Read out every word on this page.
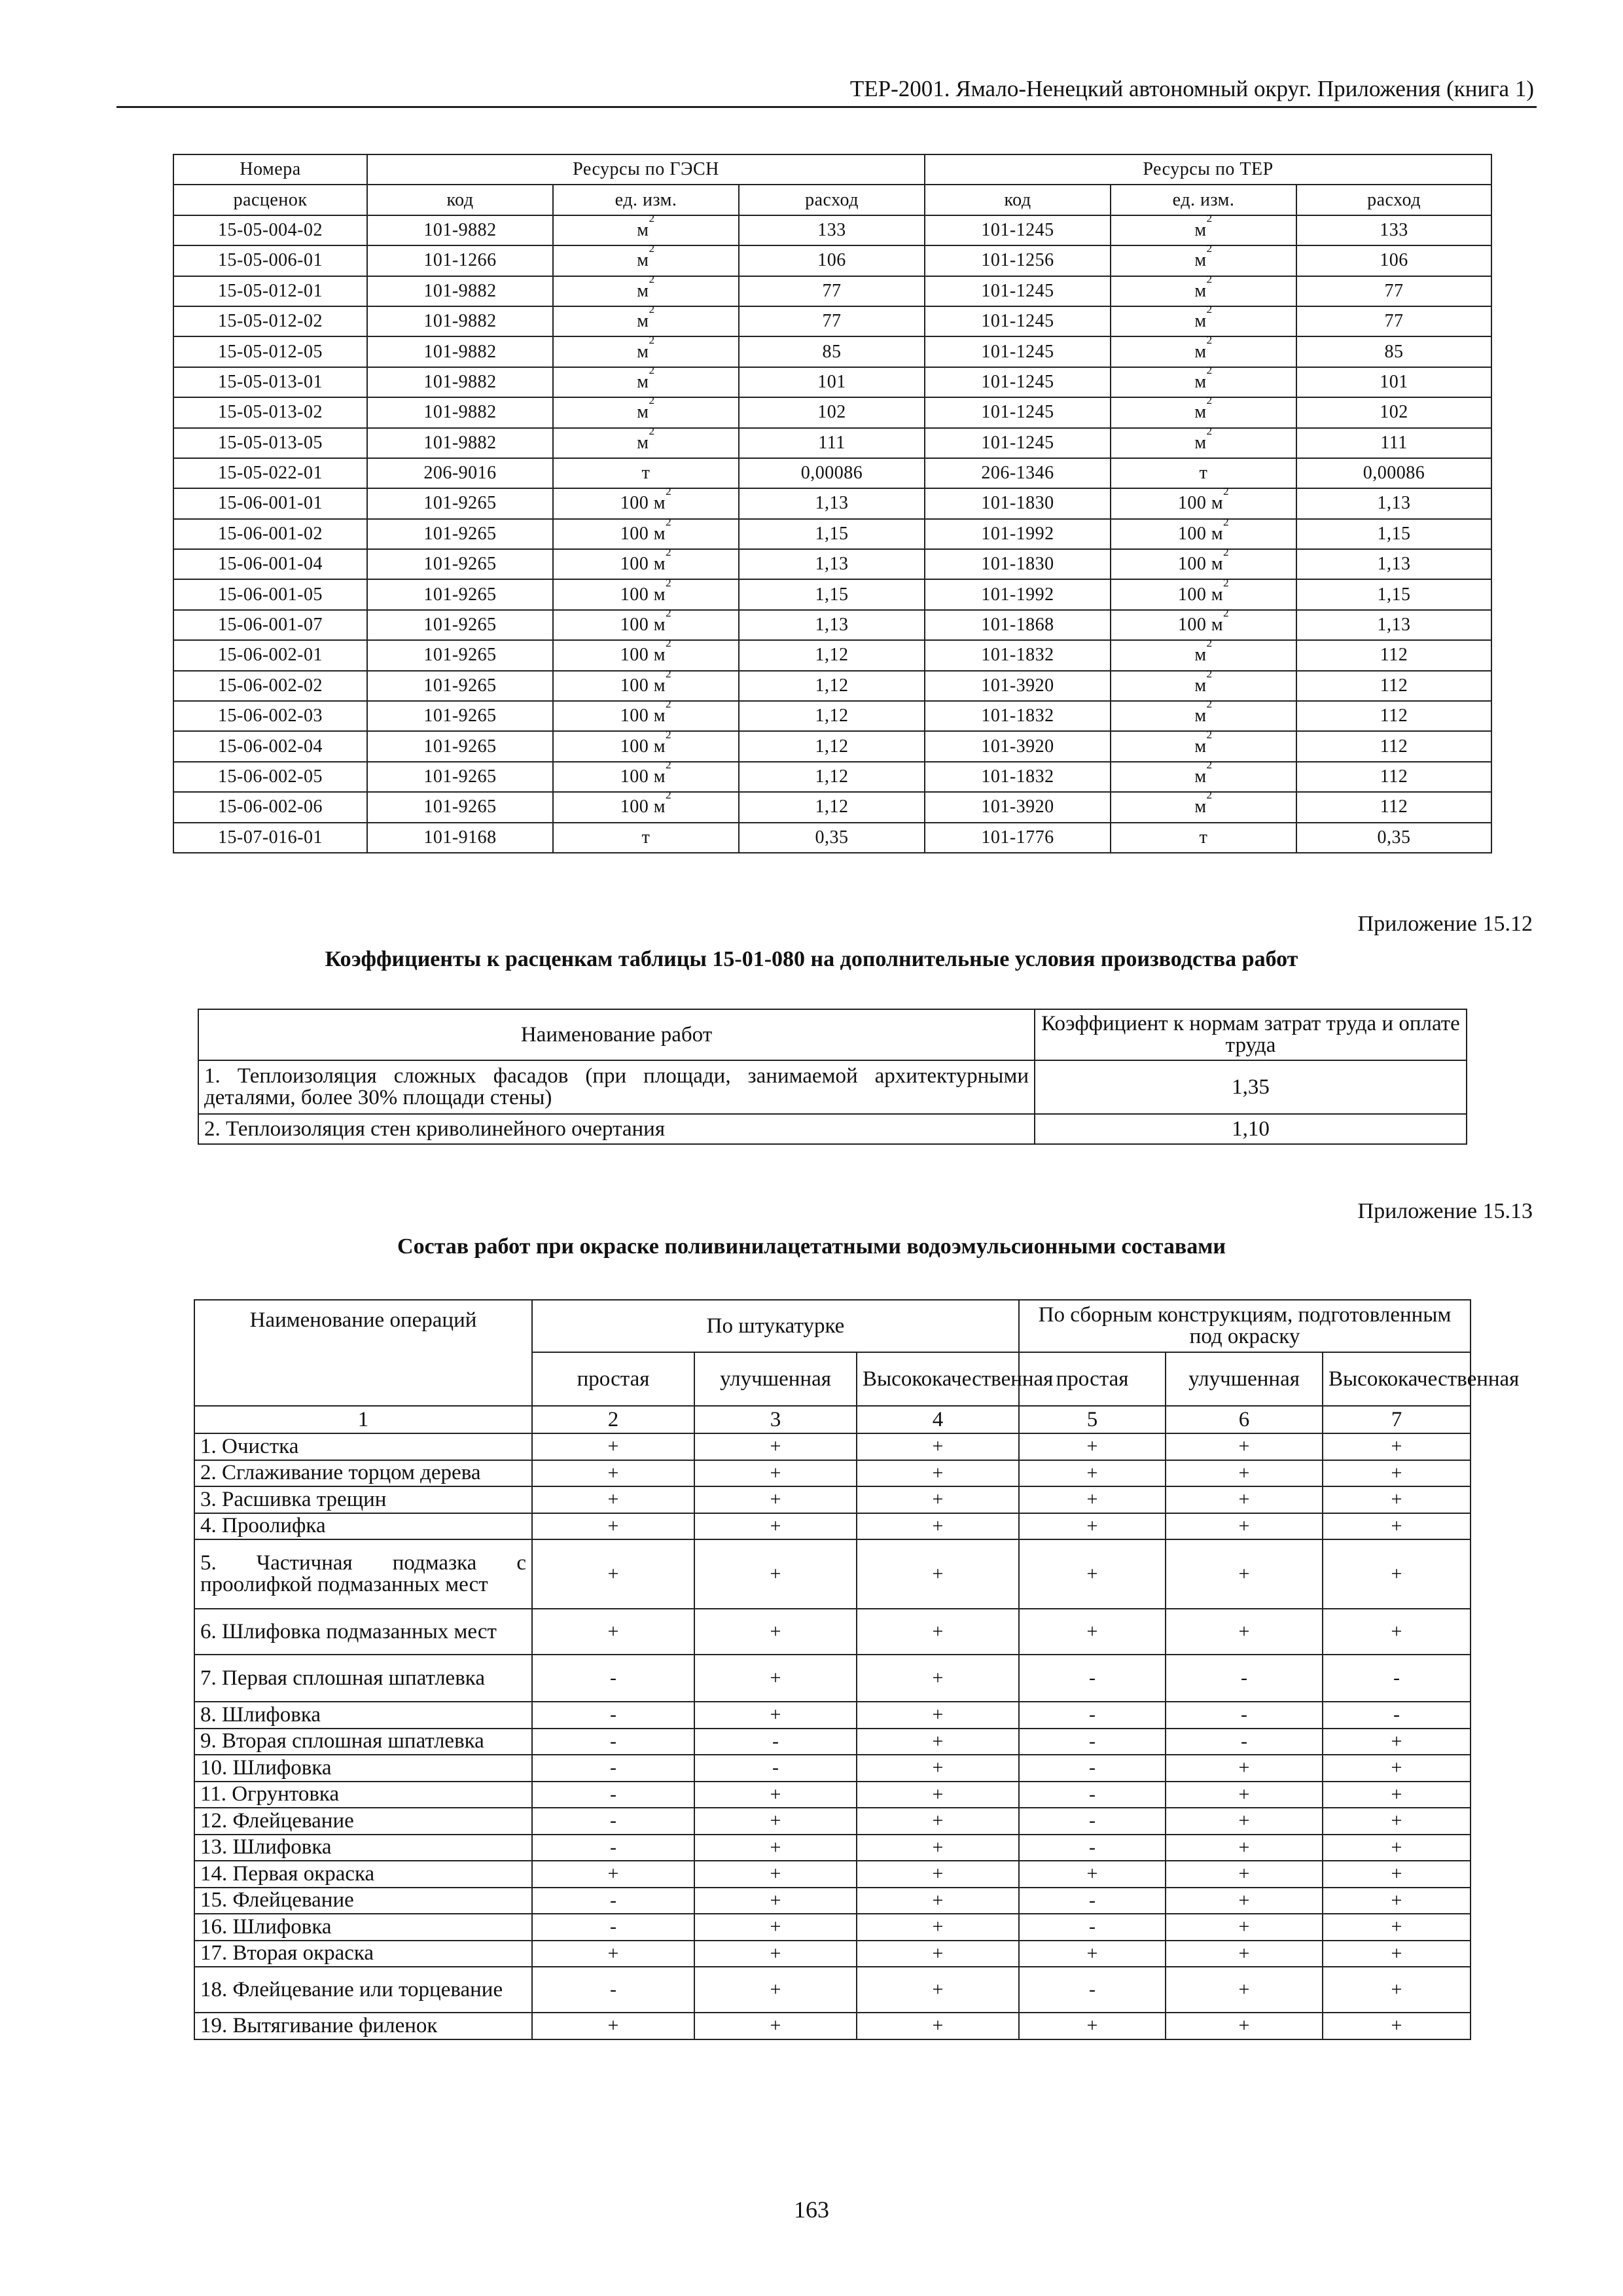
ТЕР-2001. Ямало-Ненецкий автономный округ. Приложения (книга 1)
Номера	Ресурсы по ГЭСН			Ресурсы по ТЕР		
расценок	код	ед. изм.	расход	код	ед. изм.	расход
15-05-004-02	101-9882	$м^2$	133	101-1245	$м^2$	133
15-05-006-01	101-1266	$м^2$	106	101-1256	$м^2$	106
15-05-012-01	101-9882	$м^2$	77	101-1245	$м^2$	77
15-05-012-02	101-9882	$м^2$	77	101-1245	$м^2$	77
15-05-012-05	101-9882	$м^2$	85	101-1245	$м^2$	85
15-05-013-01	101-9882	$м^2$	101	101-1245	$м^2$	101
15-05-013-02	101-9882	$м^2$	102	101-1245	$м^2$	102
15-05-013-05	101-9882	$м^2$	111	101-1245	$м^2$	111
15-05-022-01	206-9016	т	0,00086	206-1346	т	0,00086
15-06-001-01	101-9265	100 $м^2$	1,13	101-1830	100 $м^2$	1,13
15-06-001-02	101-9265	100 $м^2$	1,15	101-1992	100 $м^2$	1,15
15-06-001-04	101-9265	100 $м^2$	1,13	101-1830	100 $м^2$	1,13
15-06-001-05	101-9265	100 $м^2$	1,15	101-1992	100 $м^2$	1,15
15-06-001-07	101-9265	100 $м^2$	1,13	101-1868	100 $м^2$	1,13
15-06-002-01	101-9265	100 $м^2$	1,12	101-1832	$м^2$	112
15-06-002-02	101-9265	100 $м^2$	1,12	101-3920	$м^2$	112
15-06-002-03	101-9265	100 $м^2$	1,12	101-1832	$м^2$	112
15-06-002-04	101-9265	100 $м^2$	1,12	101-3920	$м^2$	112
15-06-002-05	101-9265	100 $м^2$	1,12	101-1832	$м^2$	112
15-06-002-06	101-9265	100 $м^2$	1,12	101-3920	$м^2$	112
15-07-016-01	101-9168	т	0,35	101-1776	т	0,35
Приложение 15.12
Коэффициенты к расценкам таблицы 15-01-080 на дополнительные условия производства работ
Наименование работ	Коэффициент к нормам затрат труда и оплате труда
1. Теплоизоляция сложных фасадов (при площади, занимаемой архитектурными деталями, более 30% площади стены)	1,35
2. Теплоизоляция стен криволинейного очертания	1,10
Приложение 15.13
Состав работ при окраске поливинилацетатными водоэмульсионными составами
Наименование операций	По штукатурке			По сборным конструкциям, подготовленным под окраску		
	простая	улучшенная	Высококачественная	простая	улучшенная	Высококачественная
1	2	3	4	5	6	7
1. Очистка	+	+	+	+	+	+
2. Сглаживание торцом дерева	+	+	+	+	+	+
3. Расшивка трещин	+	+	+	+	+	+
4. Проолифка	+	+	+	+	+	+
5. Частичная подмазка с проолифкой подмазанных мест	+	+	+	+	+	+
6. Шлифовка подмазанных мест	+	+	+	+	+	+
7. Первая сплошная шпатлевка	-	+	+	-	-	-
8. Шлифовка	-	+	+	-	-	-
9. Вторая сплошная шпатлевка	-	-	+	-	-	+
10. Шлифовка	-	-	+	-	+	+
11. Огрунтовка	-	+	+	-	+	+
12. Флейцевание	-	+	+	-	+	+
13. Шлифовка	-	+	+	-	+	+
14. Первая окраска	+	+	+	+	+	+
15. Флейцевание	-	+	+	-	+	+
16. Шлифовка	-	+	+	-	+	+
17. Вторая окраска	+	+	+	+	+	+
18. Флейцевание или торцевание	-	+	+	-	+	+
19. Вытягивание филенок	+	+	+	+	+	+
163
